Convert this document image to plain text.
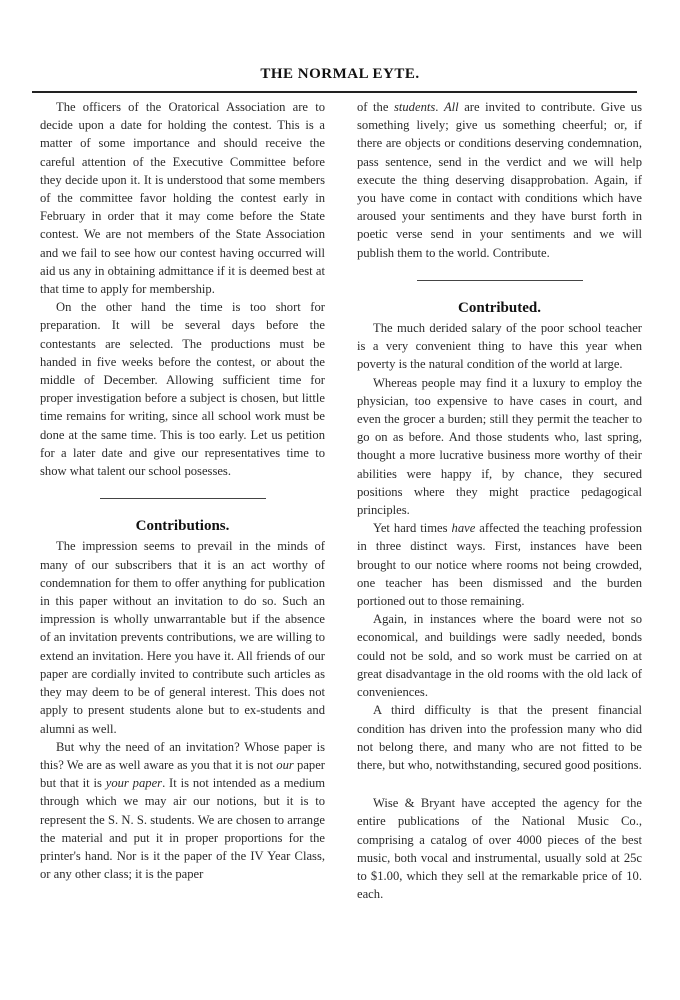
THE NORMAL EYTE.

The officers of the Oratorical Association are to decide upon a date for holding the contest. This is a matter of some importance and should receive the careful attention of the Executive Committee before they decide upon it. It is understood that some members of the committee favor holding the contest early in February in order that it may come before the State contest. We are not members of the State Association and we fail to see how our contest having occurred will aid us any in obtaining admittance if it is deemed best at that time to apply for membership.

On the other hand the time is too short for preparation. It will be several days before the contestants are selected. The productions must be handed in five weeks before the contest, or about the middle of December. Allowing sufficient time for proper investigation before a subject is chosen, but little time remains for writing, since all school work must be done at the same time. This is too early. Let us petition for a later date and give our representatives time to show what talent our school posesses.

Contributions.

The impression seems to prevail in the minds of many of our subscribers that it is an act worthy of condemnation for them to offer anything for publication in this paper without an invitation to do so. Such an impression is wholly unwarrantable but if the absence of an invitation prevents contributions, we are willing to extend an invitation. Here you have it. All friends of our paper are cordially invited to contribute such articles as they may deem to be of general interest. This does not apply to present students alone but to ex-students and alumni as well.

But why the need of an invitation? Whose paper is this? We are as well aware as you that it is not our paper but that it is your paper. It is not intended as a medium through which we may air our notions, but it is to represent the S. N. S. students. We are chosen to arrange the material and put it in proper proportions for the printer's hand. Nor is it the paper of the IV Year Class, or any other class; it is the paper

of the students. All are invited to contribute. Give us something lively; give us something cheerful; or, if there are objects or conditions deserving condemnation, pass sentence, send in the verdict and we will help execute the thing deserving disapprobation. Again, if you have come in contact with conditions which have aroused your sentiments and they have burst forth in poetic verse send in your sentiments and we will publish them to the world. Contribute.

Contributed.

The much derided salary of the poor school teacher is a very convenient thing to have this year when poverty is the natural condition of the world at large.

Whereas people may find it a luxury to employ the physician, too expensive to have cases in court, and even the grocer a burden; still they permit the teacher to go on as before. And those students who, last spring, thought a more lucrative business more worthy of their abilities were happy if, by chance, they secured positions where they might practice pedagogical principles.

Yet hard times have affected the teaching profession in three distinct ways. First, instances have been brought to our notice where rooms not being crowded, one teacher has been dismissed and the burden portioned out to those remaining.

Again, in instances where the board were not so economical, and buildings were sadly needed, bonds could not be sold, and so work must be carried on at great disadvantage in the old rooms with the old lack of conveniences.

A third difficulty is that the present financial condition has driven into the profession many who did not belong there, and many who are not fitted to be there, but who, notwithstanding, secured good positions.

Wise & Bryant have accepted the agency for the entire publications of the National Music Co., comprising a catalog of over 4000 pieces of the best music, both vocal and instrumental, usually sold at 25c to $1.00, which they sell at the remarkable price of 10. each.
